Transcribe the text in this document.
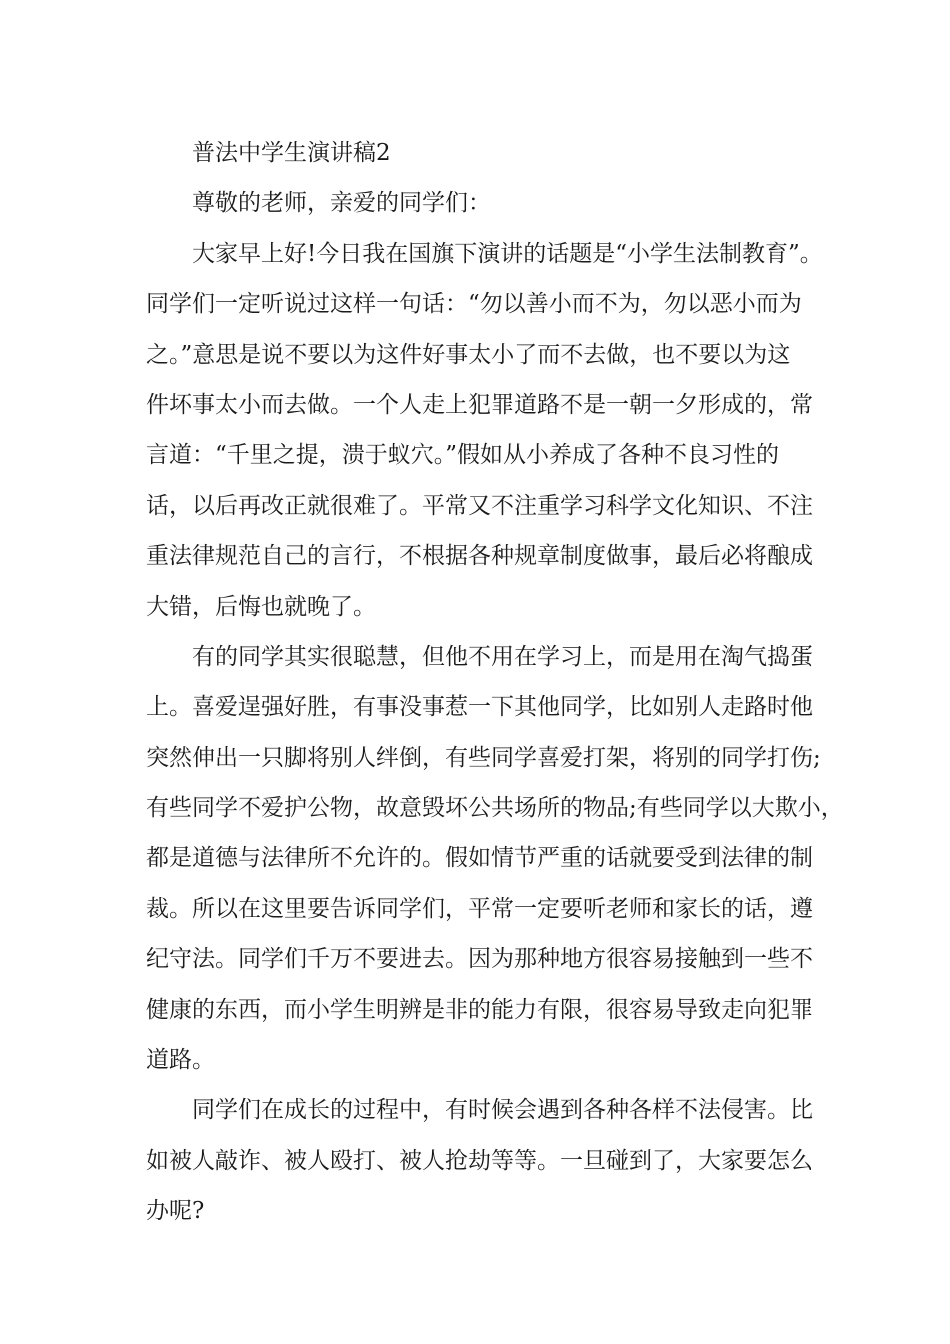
普法中学生演讲稿2
尊敬的老师，亲爱的同学们：
大家早上好!今日我在国旗下演讲的话题是“小学生法制教育”。
同学们一定听说过这样一句话：“勿以善小而不为，勿以恶小而为
之。”意思是说不要以为这件好事太小了而不去做，也不要以为这
件坏事太小而去做。一个人走上犯罪道路不是一朝一夕形成的，常
言道：“千里之提，溃于蚁穴。”假如从小养成了各种不良习性的
话，以后再改正就很难了。平常又不注重学习科学文化知识、不注
重法律规范自己的言行，不根据各种规章制度做事，最后必将酿成
大错，后悔也就晚了。
有的同学其实很聪慧，但他不用在学习上，而是用在淘气捣蛋
上。喜爱逞强好胜，有事没事惹一下其他同学，比如别人走路时他
突然伸出一只脚将别人绊倒，有些同学喜爱打架，将别的同学打伤;
有些同学不爱护公物，故意毁坏公共场所的物品;有些同学以大欺小，
都是道德与法律所不允许的。假如情节严重的话就要受到法律的制
裁。所以在这里要告诉同学们，平常一定要听老师和家长的话，遵
纪守法。同学们千万不要进去。因为那种地方很容易接触到一些不
健康的东西，而小学生明辨是非的能力有限，很容易导致走向犯罪
道路。
同学们在成长的过程中，有时候会遇到各种各样不法侵害。比
如被人敲诈、被人殴打、被人抢劫等等。一旦碰到了，大家要怎么
办呢?
